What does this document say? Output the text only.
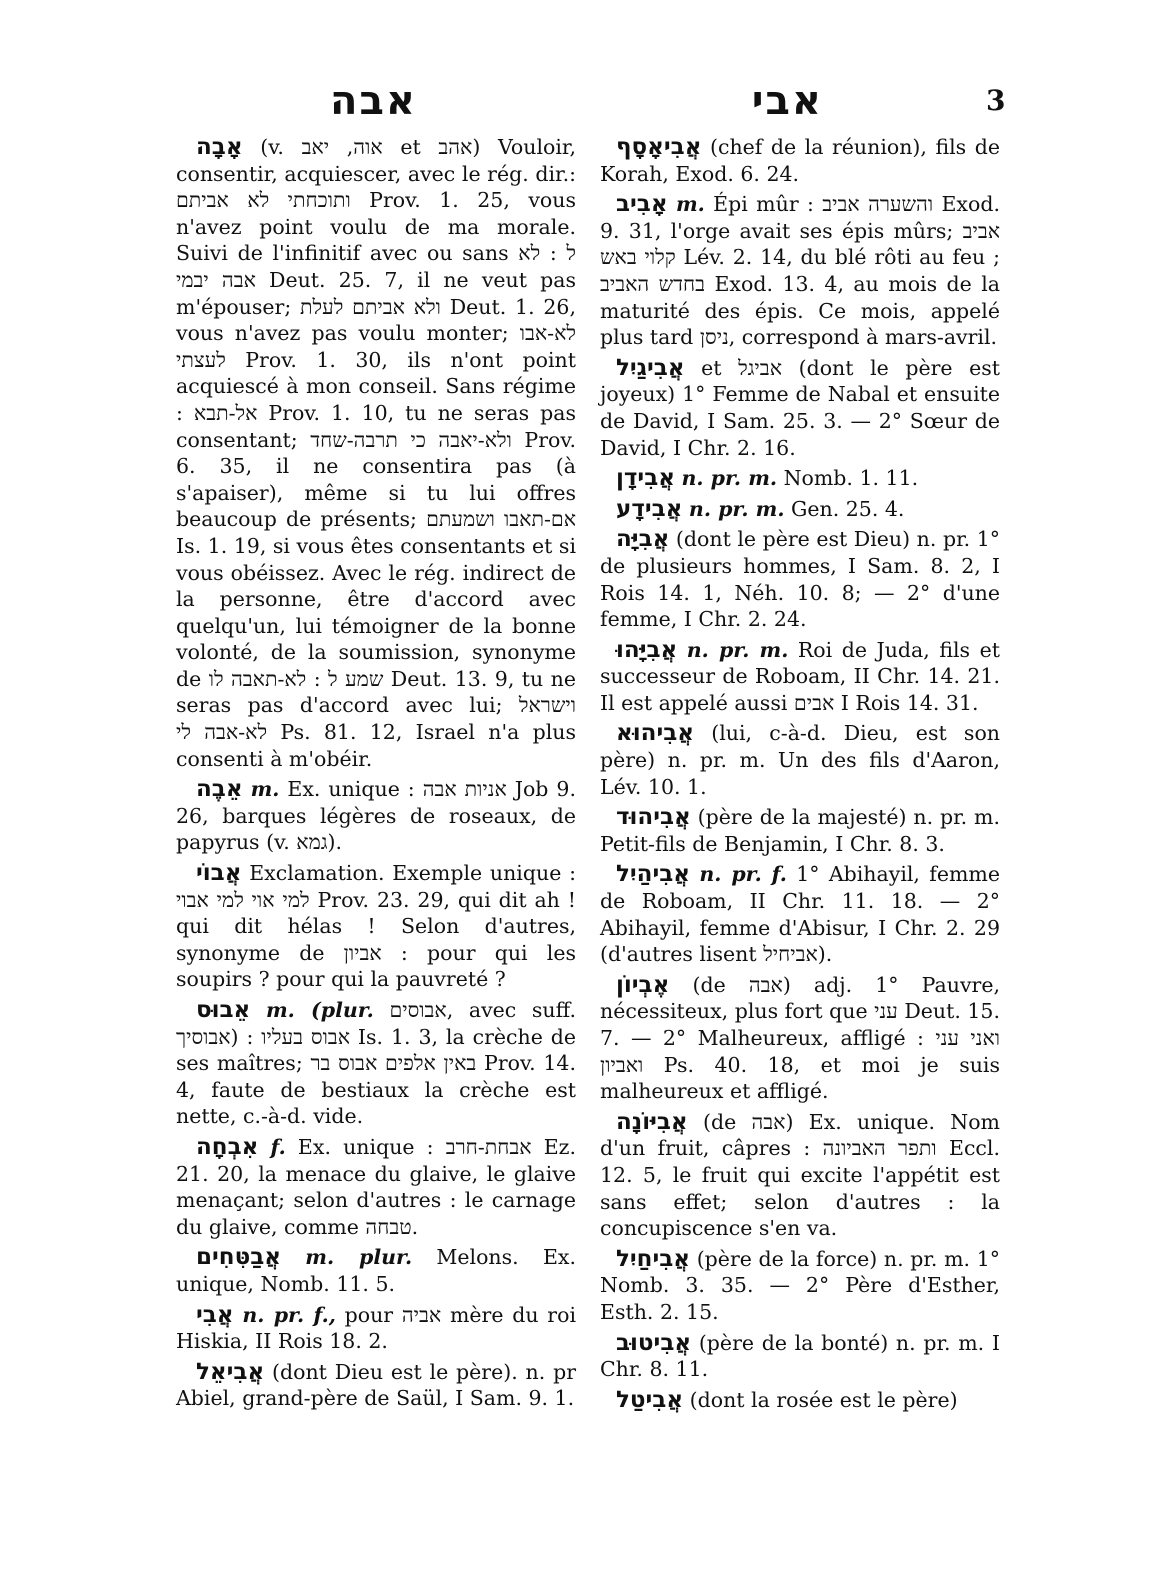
אבה	אבי	3

אָבָה (v. אוה, יאב et אהב) Vouloir, consentir, acquiescer, avec le rég. dir.: ותוכחתי לא אביתם Prov. 1. 25, vous n'avez point voulu de ma morale. Suivi de l'infinitif avec ou sans ל : לא אבה יבמי Deut. 25. 7, il ne veut pas m'épouser; ולא אביתם לעלת Deut. 1. 26, vous n'avez pas voulu monter; לא-אבו לעצתי Prov. 1. 30, ils n'ont point acquiescé à mon conseil. Sans régime : אל-תבא Prov. 1. 10, tu ne seras pas consentant; ולא-יאבה כי תרבה-שחד Prov. 6. 35, il ne consentira pas (à s'apaiser), même si tu lui offres beaucoup de présents; אם-תאבו ושמעתם Is. 1. 19, si vous êtes consentants et si vous obéissez. Avec le rég. indirect de la personne, être d'accord avec quelqu'un, lui témoigner de la bonne volonté, de la soumission, synonyme de שמע ל : לא-תאבה לו Deut. 13. 9, tu ne seras pas d'accord avec lui; וישראל לא-אבה לי Ps. 81. 12, Israel n'a plus consenti à m'obéir.

אֵבֶה m. Ex. unique : אניות אבה Job 9. 26, barques légères de roseaux, de papyrus (v. גמא).

אֲבוֹי Exclamation. Exemple unique : למי אוי למי אבוי Prov. 23. 29, qui dit ah ! qui dit hélas ! Selon d'autres, synonyme de אביון : pour qui les soupirs ? pour qui la pauvreté ?

אֵבוּס m. (plur. אבוסים, avec suff. אבוסיך) : אבוס בעליו Is. 1. 3, la crèche de ses maîtres; באין אלפים אבוס בר Prov. 14. 4, faute de bestiaux la crèche est nette, c.-à-d. vide.

אִבְחָה f. Ex. unique : אבחת-חרב Ez. 21. 20, la menace du glaive, le glaive menaçant; selon d'autres : le carnage du glaive, comme טבחה.

אֲבַטִּחִים m. plur. Melons. Ex. unique, Nomb. 11. 5.

אֲבִי n. pr. f., pour אביה mère du roi Hiskia, II Rois 18. 2.

אֲבִיאֵל (dont Dieu est le père). n. pr Abiel, grand-père de Saül, I Sam. 9. 1.

אֲבִיאָסָף (chef de la réunion), fils de Korah, Exod. 6. 24.

אָבִיב m. Épi mûr : והשערה אביב Exod. 9. 31, l'orge avait ses épis mûrs; אביב קלוי באש Lév. 2. 14, du blé rôti au feu ; בחדש האביב Exod. 13. 4, au mois de la maturité des épis. Ce mois, appelé plus tard ניסן, correspond à mars-avril.

אֲבִיגַיִל et אביגל (dont le père est joyeux) 1° Femme de Nabal et ensuite de David, I Sam. 25. 3. — 2° Sœur de David, I Chr. 2. 16.

אֲבִידָן n. pr. m. Nomb. 1. 11.

אֲבִידָע n. pr. m. Gen. 25. 4.

אֲבִיָּה (dont le père est Dieu) n. pr. 1° de plusieurs hommes, I Sam. 8. 2, I Rois 14. 1, Néh. 10. 8; — 2° d'une femme, I Chr. 2. 24.

אֲבִיָּהוּ n. pr. m. Roi de Juda, fils et successeur de Roboam, II Chr. 14. 21. Il est appelé aussi אבים I Rois 14. 31.

אֲבִיהוּא (lui, c-à-d. Dieu, est son père) n. pr. m. Un des fils d'Aaron, Lév. 10. 1.

אֲבִיהוּד (père de la majesté) n. pr. m. Petit-fils de Benjamin, I Chr. 8. 3.

אֲבִיהַיִל n. pr. f. 1° Abihayil, femme de Roboam, II Chr. 11. 18. — 2° Abihayil, femme d'Abisur, I Chr. 2. 29 (d'autres lisent אביחיל).

אֶבְיוֹן (de אבה) adj. 1° Pauvre, nécessiteux, plus fort que עני Deut. 15. 7. — 2° Malheureux, affligé : ואני עני ואביון Ps. 40. 18, et moi je suis malheureux et affligé.

אֲבִיּוֹנָה (de אבה) Ex. unique. Nom d'un fruit, câpres : ותפר האביונה Eccl. 12. 5, le fruit qui excite l'appétit est sans effet; selon d'autres : la concupiscence s'en va.

אֲבִיחַיִל (père de la force) n. pr. m. 1° Nomb. 3. 35. — 2° Père d'Esther, Esth. 2. 15.

אֲבִיטוּב (père de la bonté) n. pr. m. I Chr. 8. 11.

אֲבִיטַל (dont la rosée est le père)
